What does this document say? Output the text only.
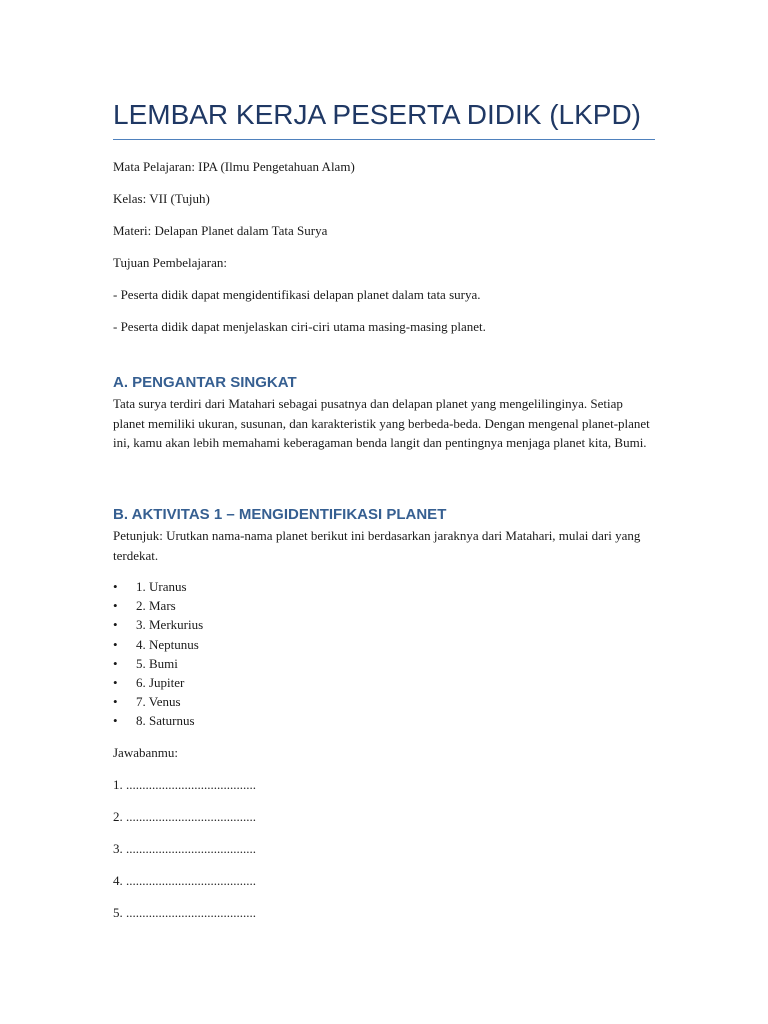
LEMBAR KERJA PESERTA DIDIK (LKPD)

Mata Pelajaran: IPA (Ilmu Pengetahuan Alam)

Kelas: VII (Tujuh)

Materi: Delapan Planet dalam Tata Surya

Tujuan Pembelajaran:

- Peserta didik dapat mengidentifikasi delapan planet dalam tata surya.

- Peserta didik dapat menjelaskan ciri-ciri utama masing-masing planet.

A. PENGANTAR SINGKAT

Tata surya terdiri dari Matahari sebagai pusatnya dan delapan planet yang mengelilinginya. Setiap planet memiliki ukuran, susunan, dan karakteristik yang berbeda-beda. Dengan mengenal planet-planet ini, kamu akan lebih memahami keberagaman benda langit dan pentingnya menjaga planet kita, Bumi.

B. AKTIVITAS 1 – MENGIDENTIFIKASI PLANET

Petunjuk: Urutkan nama-nama planet berikut ini berdasarkan jaraknya dari Matahari, mulai dari yang terdekat.

• 1. Uranus
• 2. Mars
• 3. Merkurius
• 4. Neptunus
• 5. Bumi
• 6. Jupiter
• 7. Venus
• 8. Saturnus

Jawabanmu:

1. ........................................

2. ........................................

3. ........................................

4. ........................................

5. ........................................
